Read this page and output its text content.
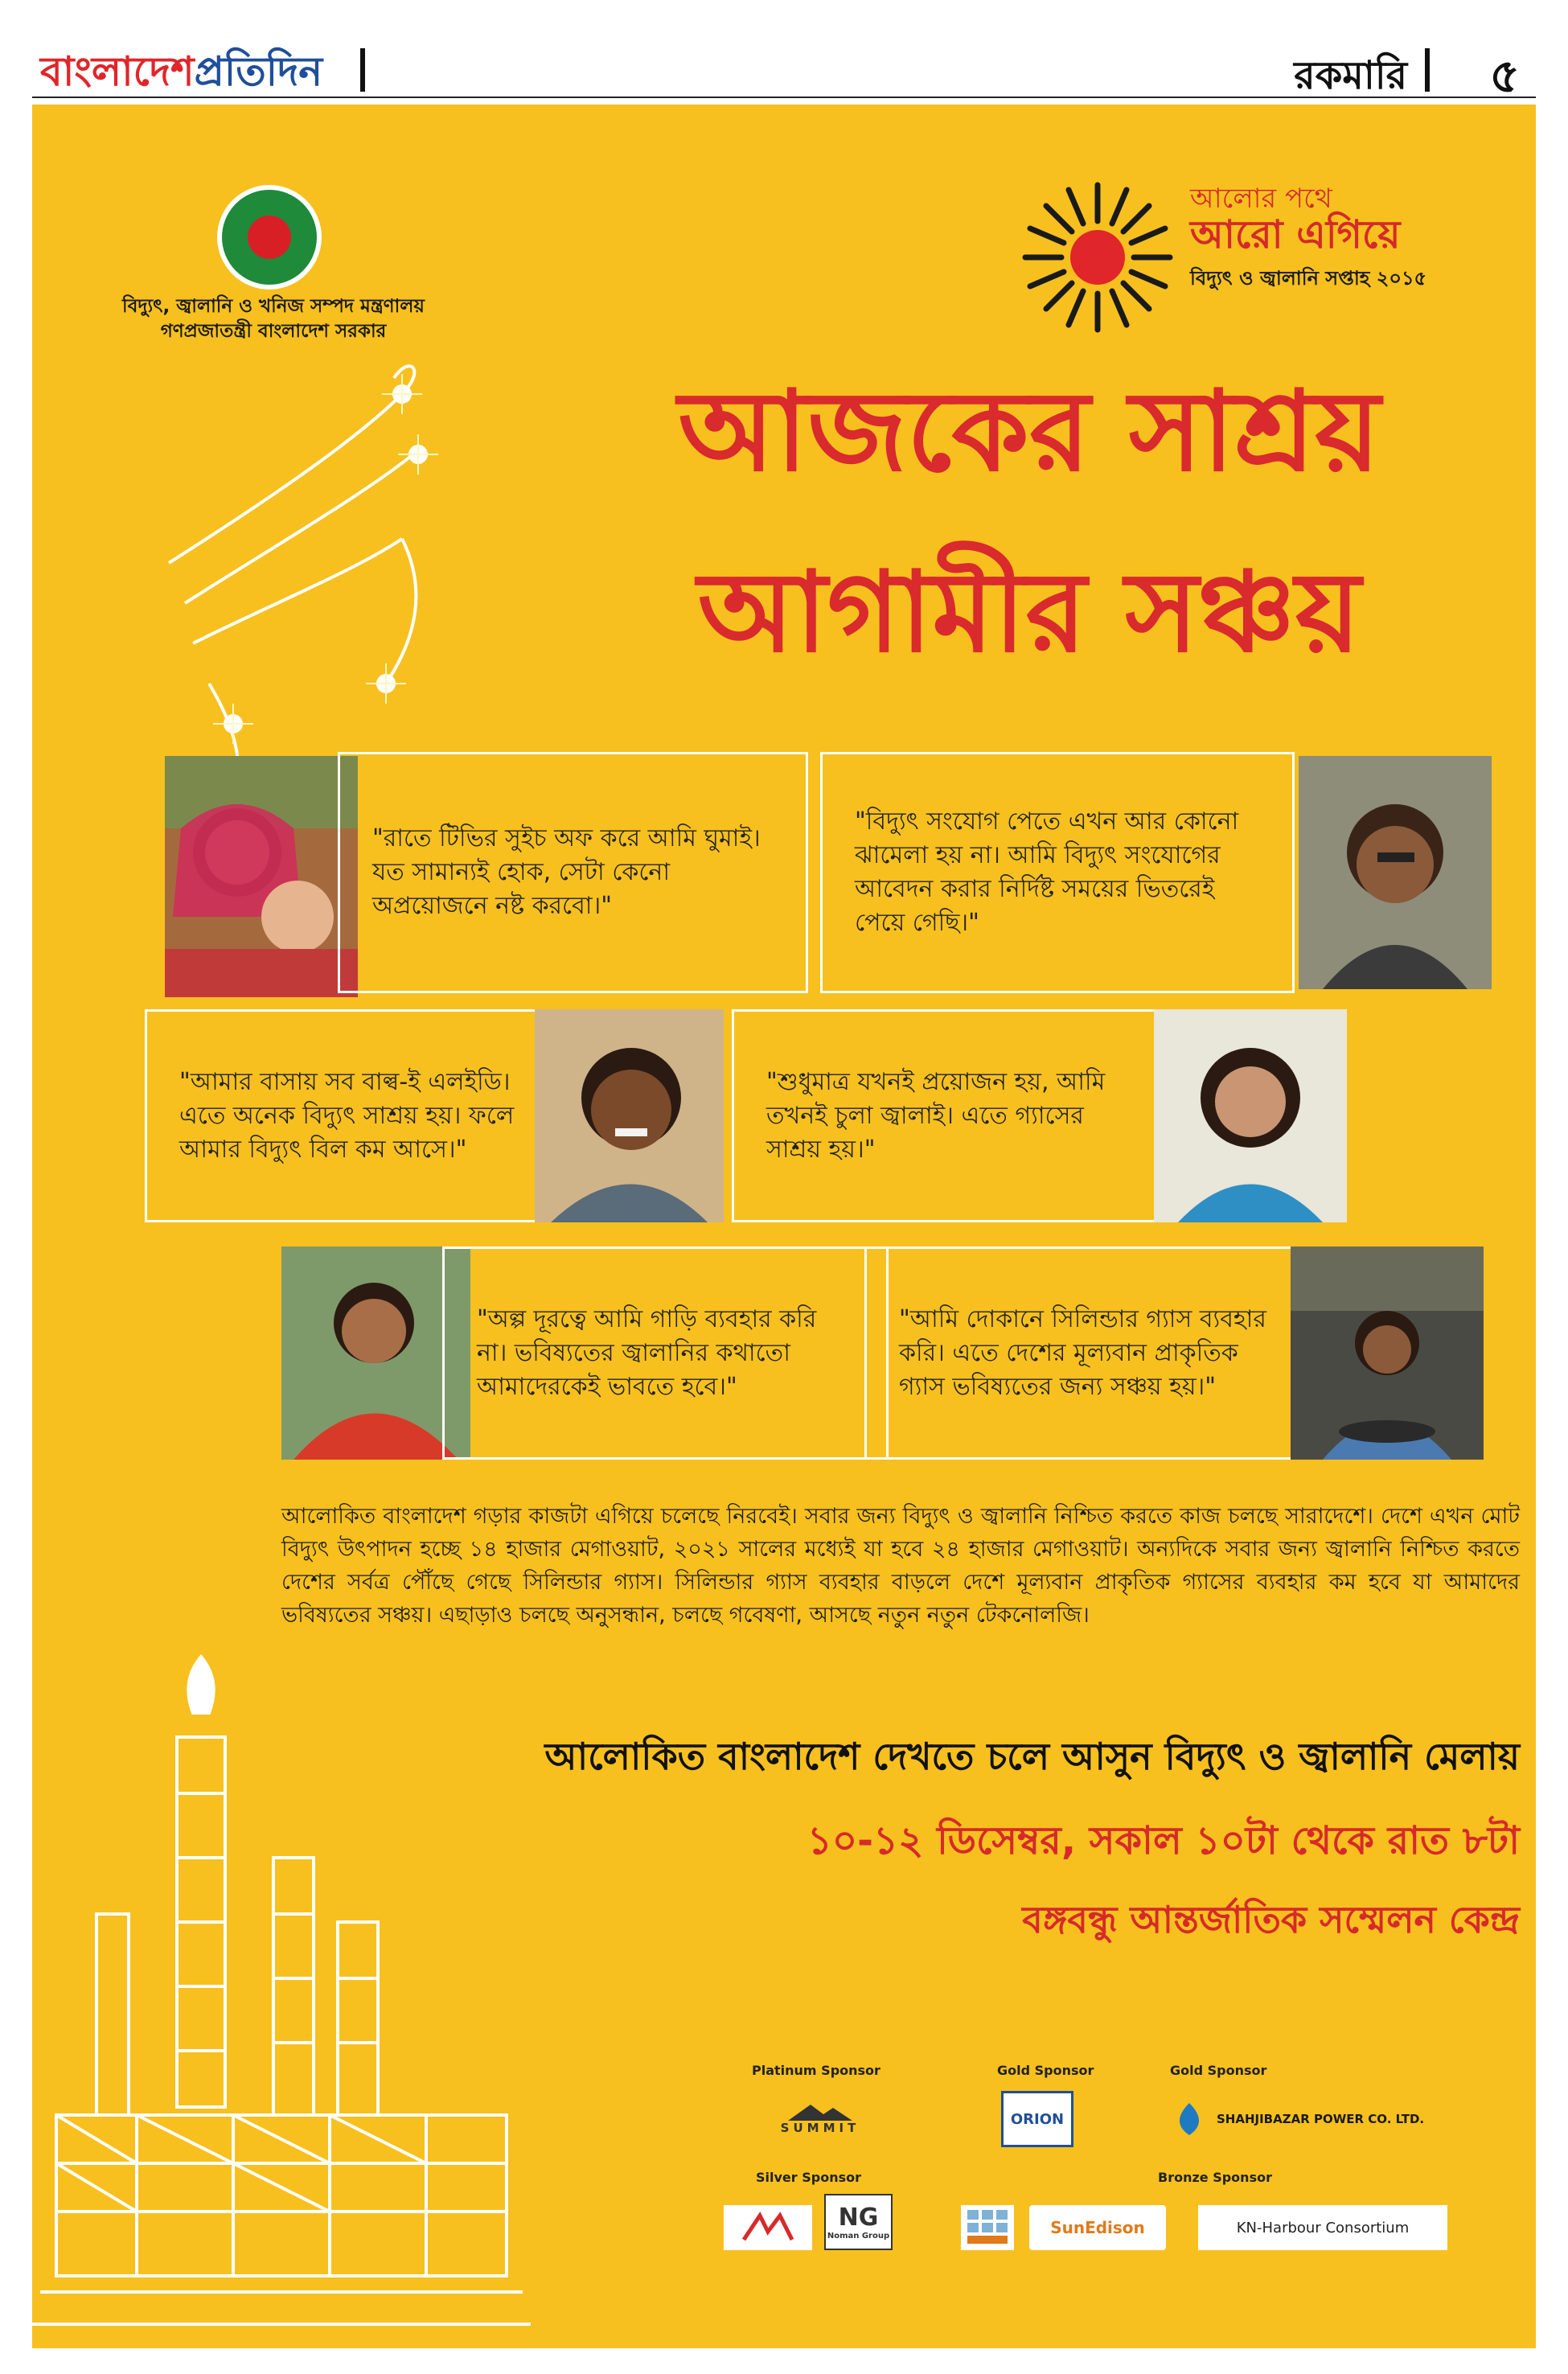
বাংলাদেশপ্রতিদিন	রকমারি ৫
বিদ্যুৎ, জ্বালানি ও খনিজ সম্পদ মন্ত্রণালয়
গণপ্রজাতন্ত্রী বাংলাদেশ সরকার
আলোর পথে
আরো এগিয়ে
বিদ্যুৎ ও জ্বালানি সপ্তাহ ২০১৫
আজকের সাশ্রয়
আগামীর সঞ্চয়
"রাতে টিভির সুইচ অফ করে আমি ঘুমাই। যত সামান্যই হোক, সেটা কেনো অপ্রয়োজনে নষ্ট করবো।"
"বিদ্যুৎ সংযোগ পেতে এখন আর কোনো ঝামেলা হয় না। আমি বিদ্যুৎ সংযোগের আবেদন করার নির্দিষ্ট সময়ের ভিতরেই পেয়ে গেছি।"
"আমার বাসায় সব বাল্ব-ই এলইডি। এতে অনেক বিদ্যুৎ সাশ্রয় হয়। ফলে আমার বিদ্যুৎ বিল কম আসে।"
"শুধুমাত্র যখনই প্রয়োজন হয়, আমি তখনই চুলা জ্বালাই। এতে গ্যাসের সাশ্রয় হয়।"
"অল্প দূরত্বে আমি গাড়ি ব্যবহার করি না। ভবিষ্যতের জ্বালানির কথাতো আমাদেরকেই ভাবতে হবে।"
"আমি দোকানে সিলিন্ডার গ্যাস ব্যবহার করি। এতে দেশের মূল্যবান প্রাকৃতিক গ্যাস ভবিষ্যতের জন্য সঞ্চয় হয়।"
আলোকিত বাংলাদেশ গড়ার কাজটা এগিয়ে চলেছে নিরবেই। সবার জন্য বিদ্যুৎ ও জ্বালানি নিশ্চিত করতে কাজ চলছে সারাদেশে। দেশে এখন মোট বিদ্যুৎ উৎপাদন হচ্ছে ১৪ হাজার মেগাওয়াট, ২০২১ সালের মধ্যেই যা হবে ২৪ হাজার মেগাওয়াট। অন্যদিকে সবার জন্য জ্বালানি নিশ্চিত করতে দেশের সর্বত্র পৌঁছে গেছে সিলিন্ডার গ্যাস। সিলিন্ডার গ্যাস ব্যবহার বাড়লে দেশে মূল্যবান প্রাকৃতিক গ্যাসের ব্যবহার কম হবে যা আমাদের ভবিষ্যতের সঞ্চয়। এছাড়াও চলছে অনুসন্ধান, চলছে গবেষণা, আসছে নতুন নতুন টেকনোলজি।
আলোকিত বাংলাদেশ দেখতে চলে আসুন বিদ্যুৎ ও জ্বালানি মেলায়
১০-১২ ডিসেম্বর, সকাল ১০টা থেকে রাত ৮টা
বঙ্গবন্ধু আন্তর্জাতিক সম্মেলন কেন্দ্র
Platinum Sponsor	Gold Sponsor	Gold Sponsor
SUMMIT
ORION	SHAHJIBAZAR POWER CO. LTD.
Silver Sponsor	Bronze Sponsor
NG
Noman Group	SunEdison	KN-Harbour Consortium
